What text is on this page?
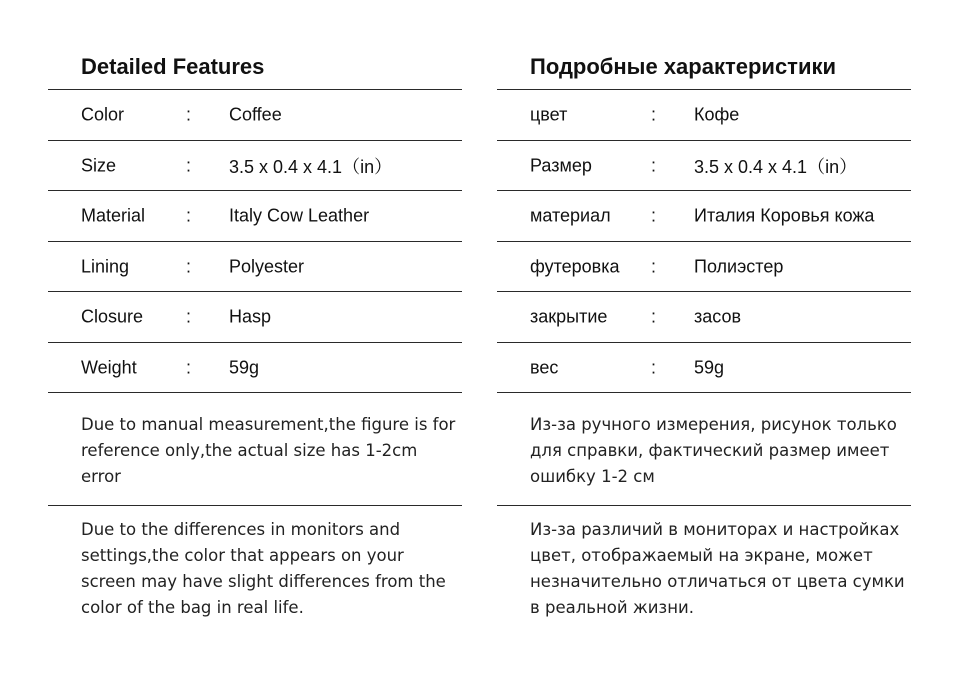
Detailed Features
Color	: Coffee
Size	: 3.5 x 0.4 x 4.1（in）
Material : Italy Cow Leather
Lining	: Polyester
Closure : Hasp
Weight	: 59g
Due to manual measurement,the figure is for reference only,the actual size has 1-2cm error
Due to the differences in monitors and settings,the color that appears on your screen may have slight differences from the color of the bag in real life.
Подробные характеристики
цвет	: Кофе
Размер	: 3.5 x 0.4 x 4.1（in）
материал : Италия Коровья кожа
футеровка : Полиэстер
закрытие : засов
вес	: 59g
Из-за ручного измерения, рисунок только для справки, фактический размер имеет ошибку 1-2 см
Из-за различий в мониторах и настройках цвет, отображаемый на экране, может незначительно отличаться от цвета сумки в реальной жизни.
